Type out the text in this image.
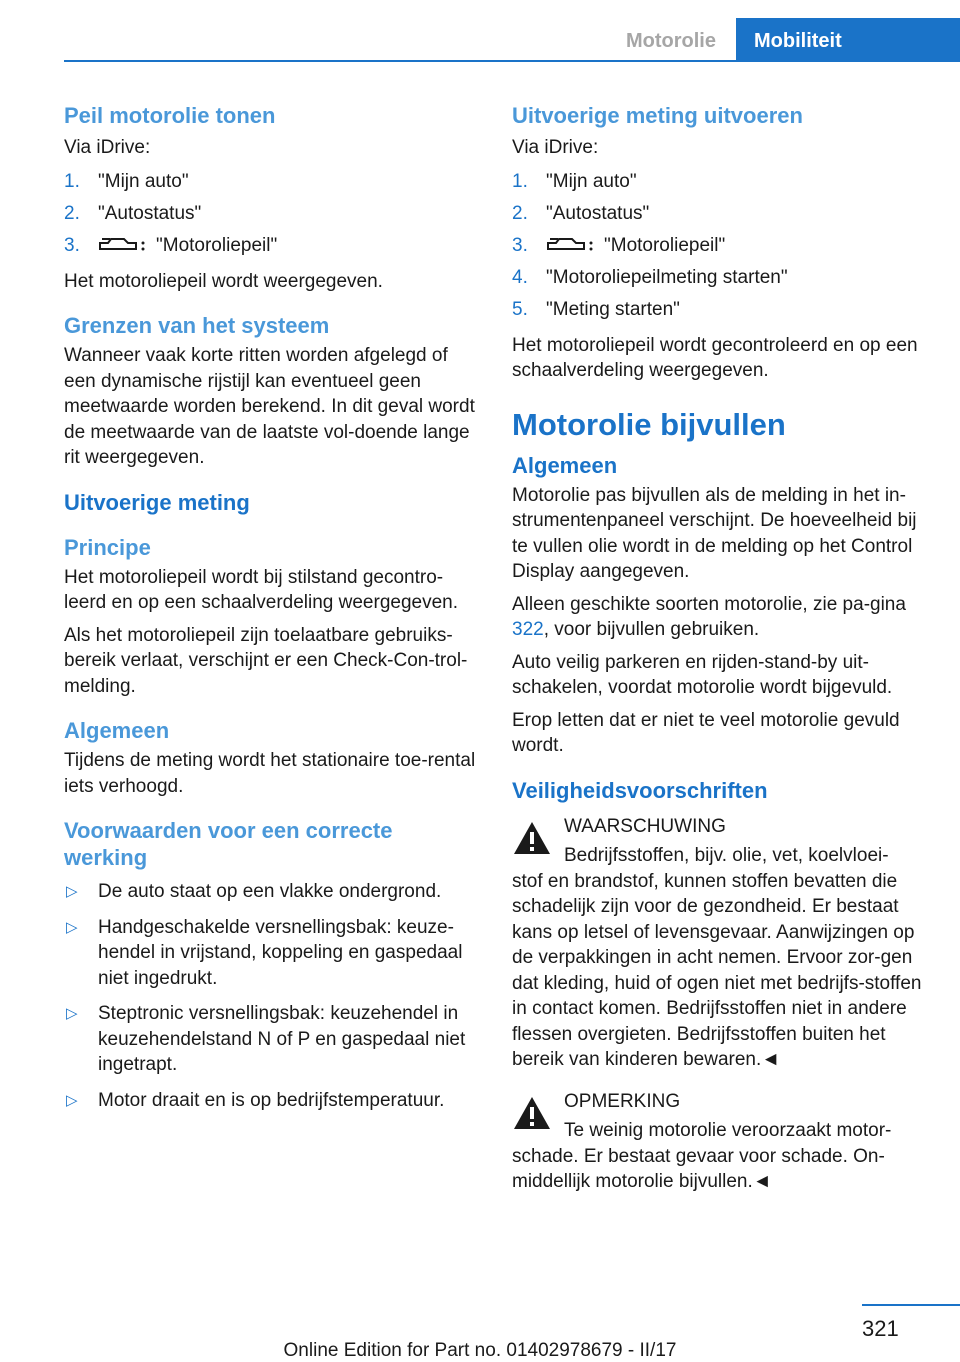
Motorolie Mobiliteit
Peil motorolie tonen

Via iDrive:

1. "Mijn auto"
2. "Autostatus"
3.	"Motoroliepeil"

Het motoroliepeil wordt weergegeven.

Grenzen van het systeem

Wanneer vaak korte ritten worden afgelegd of een dynamische rijstijl kan eventueel geen meetwaarde worden berekend. In dit geval wordt de meetwaarde van de laatste vol-doende lange rit weergegeven.

Uitvoerige meting
Principe

Het motoroliepeil wordt bij stilstand gecontro-leerd en op een schaalverdeling weergegeven.

Als het motoroliepeil zijn toelaatbare gebruiks-bereik verlaat, verschijnt er een Check-Con-trol-melding.

Algemeen

Tijdens de meting wordt het stationaire toe-rental iets verhoogd.

Voorwaarden voor een correcte werking
▷ De auto staat op een vlakke ondergrond.
▷ Handgeschakelde versnellingsbak: keuze-hendel in vrijstand, koppeling en gaspedaal niet ingedrukt.
▷ Steptronic versnellingsbak: keuzehendel in keuzehendelstand N of P en gaspedaal niet ingetrapt.
▷ Motor draait en is op bedrijfstemperatuur.
Uitvoerige meting uitvoeren

Via iDrive:

1. "Mijn auto"
2. "Autostatus"
3.	"Motoroliepeil"
4. "Motoroliepeilmeting starten"
5. "Meting starten"

Het motoroliepeil wordt gecontroleerd en op een schaalverdeling weergegeven.

Motorolie bijvullen
Algemeen

Motorolie pas bijvullen als de melding in het in-strumentenpaneel verschijnt. De hoeveelheid bij te vullen olie wordt in de melding op het Control Display aangegeven.

Alleen geschikte soorten motorolie, zie pa-gina 322, voor bijvullen gebruiken.

Auto veilig parkeren en rijden-stand-by uit-schakelen, voordat motorolie wordt bijgevuld.

Erop letten dat er niet te veel motorolie gevuld wordt.

Veiligheidsvoorschriften

WAARSCHUWING

Bedrijfsstoffen, bijv. olie, vet, koelvloei-
stof en brandstof, kunnen stoffen bevatten die schadelijk zijn voor de gezondheid. Er bestaat kans op letsel of levensgevaar. Aanwijzingen op de verpakkingen in acht nemen. Ervoor zor-gen dat kleding, huid of ogen niet met bedrijfs-stoffen in contact komen. Bedrijfsstoffen niet in andere flessen overgieten. Bedrijfsstoffen buiten het bereik van kinderen bewaren.◄

OPMERKING

Te weinig motorolie veroorzaakt motor-
schade. Er bestaat gevaar voor schade. On-middellijk motorolie bijvullen.◄

321
Online Edition for Part no. 01402978679 - II/17
